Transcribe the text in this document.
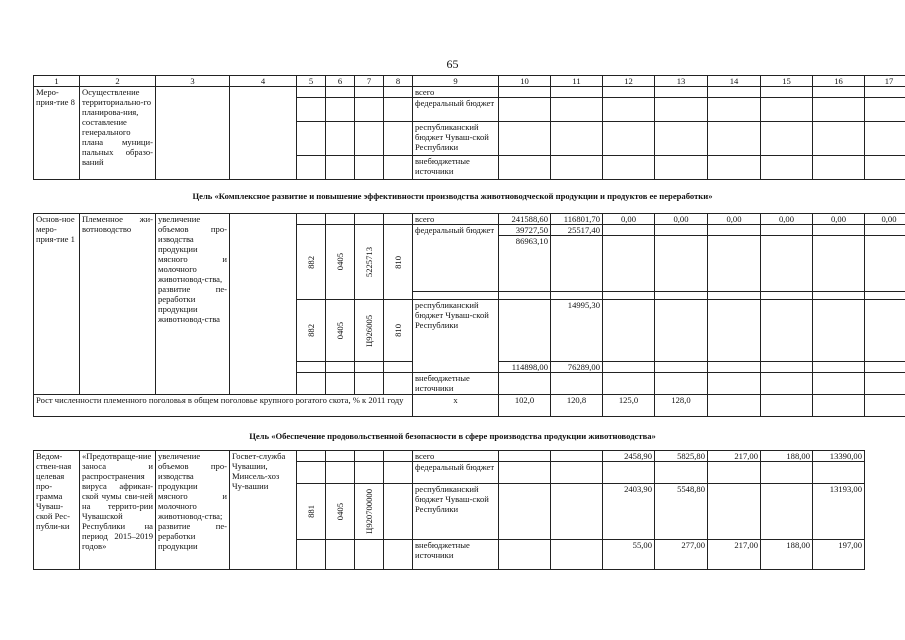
65
1	2	3	4	5	6	7	8	9	10	11	12	13	14	15	16	17
Меро-прия-тие 8	Осуществление территориально-го планирова-ния, составление генерального плана муници-пальных образо-ваний							всего								
								федеральный бюджет								
								республиканский бюджет Чуваш-ской Республики								
								внебюджетные источники								
Цель «Комплексное развитие и повышение эффективности производства животноводческой продукции и продуктов ее переработки»
Основ-ное меро-прия-тие 1	Племенное жи-вотноводство	увеличение объемов про-изводства продукции мясного и молочного животновод-ства, развитие пе-реработки продукции животновод-ства						всего	241588,60	116801,70	0,00	0,00	0,00	0,00	0,00	0,00

				882	0405	5225713	810	федеральный бюджет	39727,50	25517,40						
									86963,10							

				882	0405	Ц926005	810	республиканский бюджет Чуваш-ской Республики		14995,30						
									114898,00	76289,00						
								внебюджетные источники								
Рост численности племенного поголовья в общем поголовье крупного рогатого скота, % к 2011 году								x	102,0	120,8	125,0	128,0				
Цель «Обеспечение продовольственной безопасности в сфере производства продукции животноводства»
Ведом-ствен-ная целевая про-грамма Чуваш-ской Рес-публи-ки	«Предотвраще-ние заноса и распространения вируса африкан-ской чумы сви-ней на террито-рии Чувашской Республики на период 2015–2019 годов»	увеличение объемов про-изводства продукции мясного и молочного животновод-ства; развитие пе-реработки продукции	Госвет-служба Чувашии, Минсель-хоз Чу-вашии					всего			2458,90	5825,80	217,00	188,00	13390,00
								федеральный бюджет							

				881	0405	Ц920700000		республиканский бюджет Чуваш-ской Республики			2403,90	5548,80			13193,00
								внебюджетные источники			55,00	277,00	217,00	188,00	197,00
